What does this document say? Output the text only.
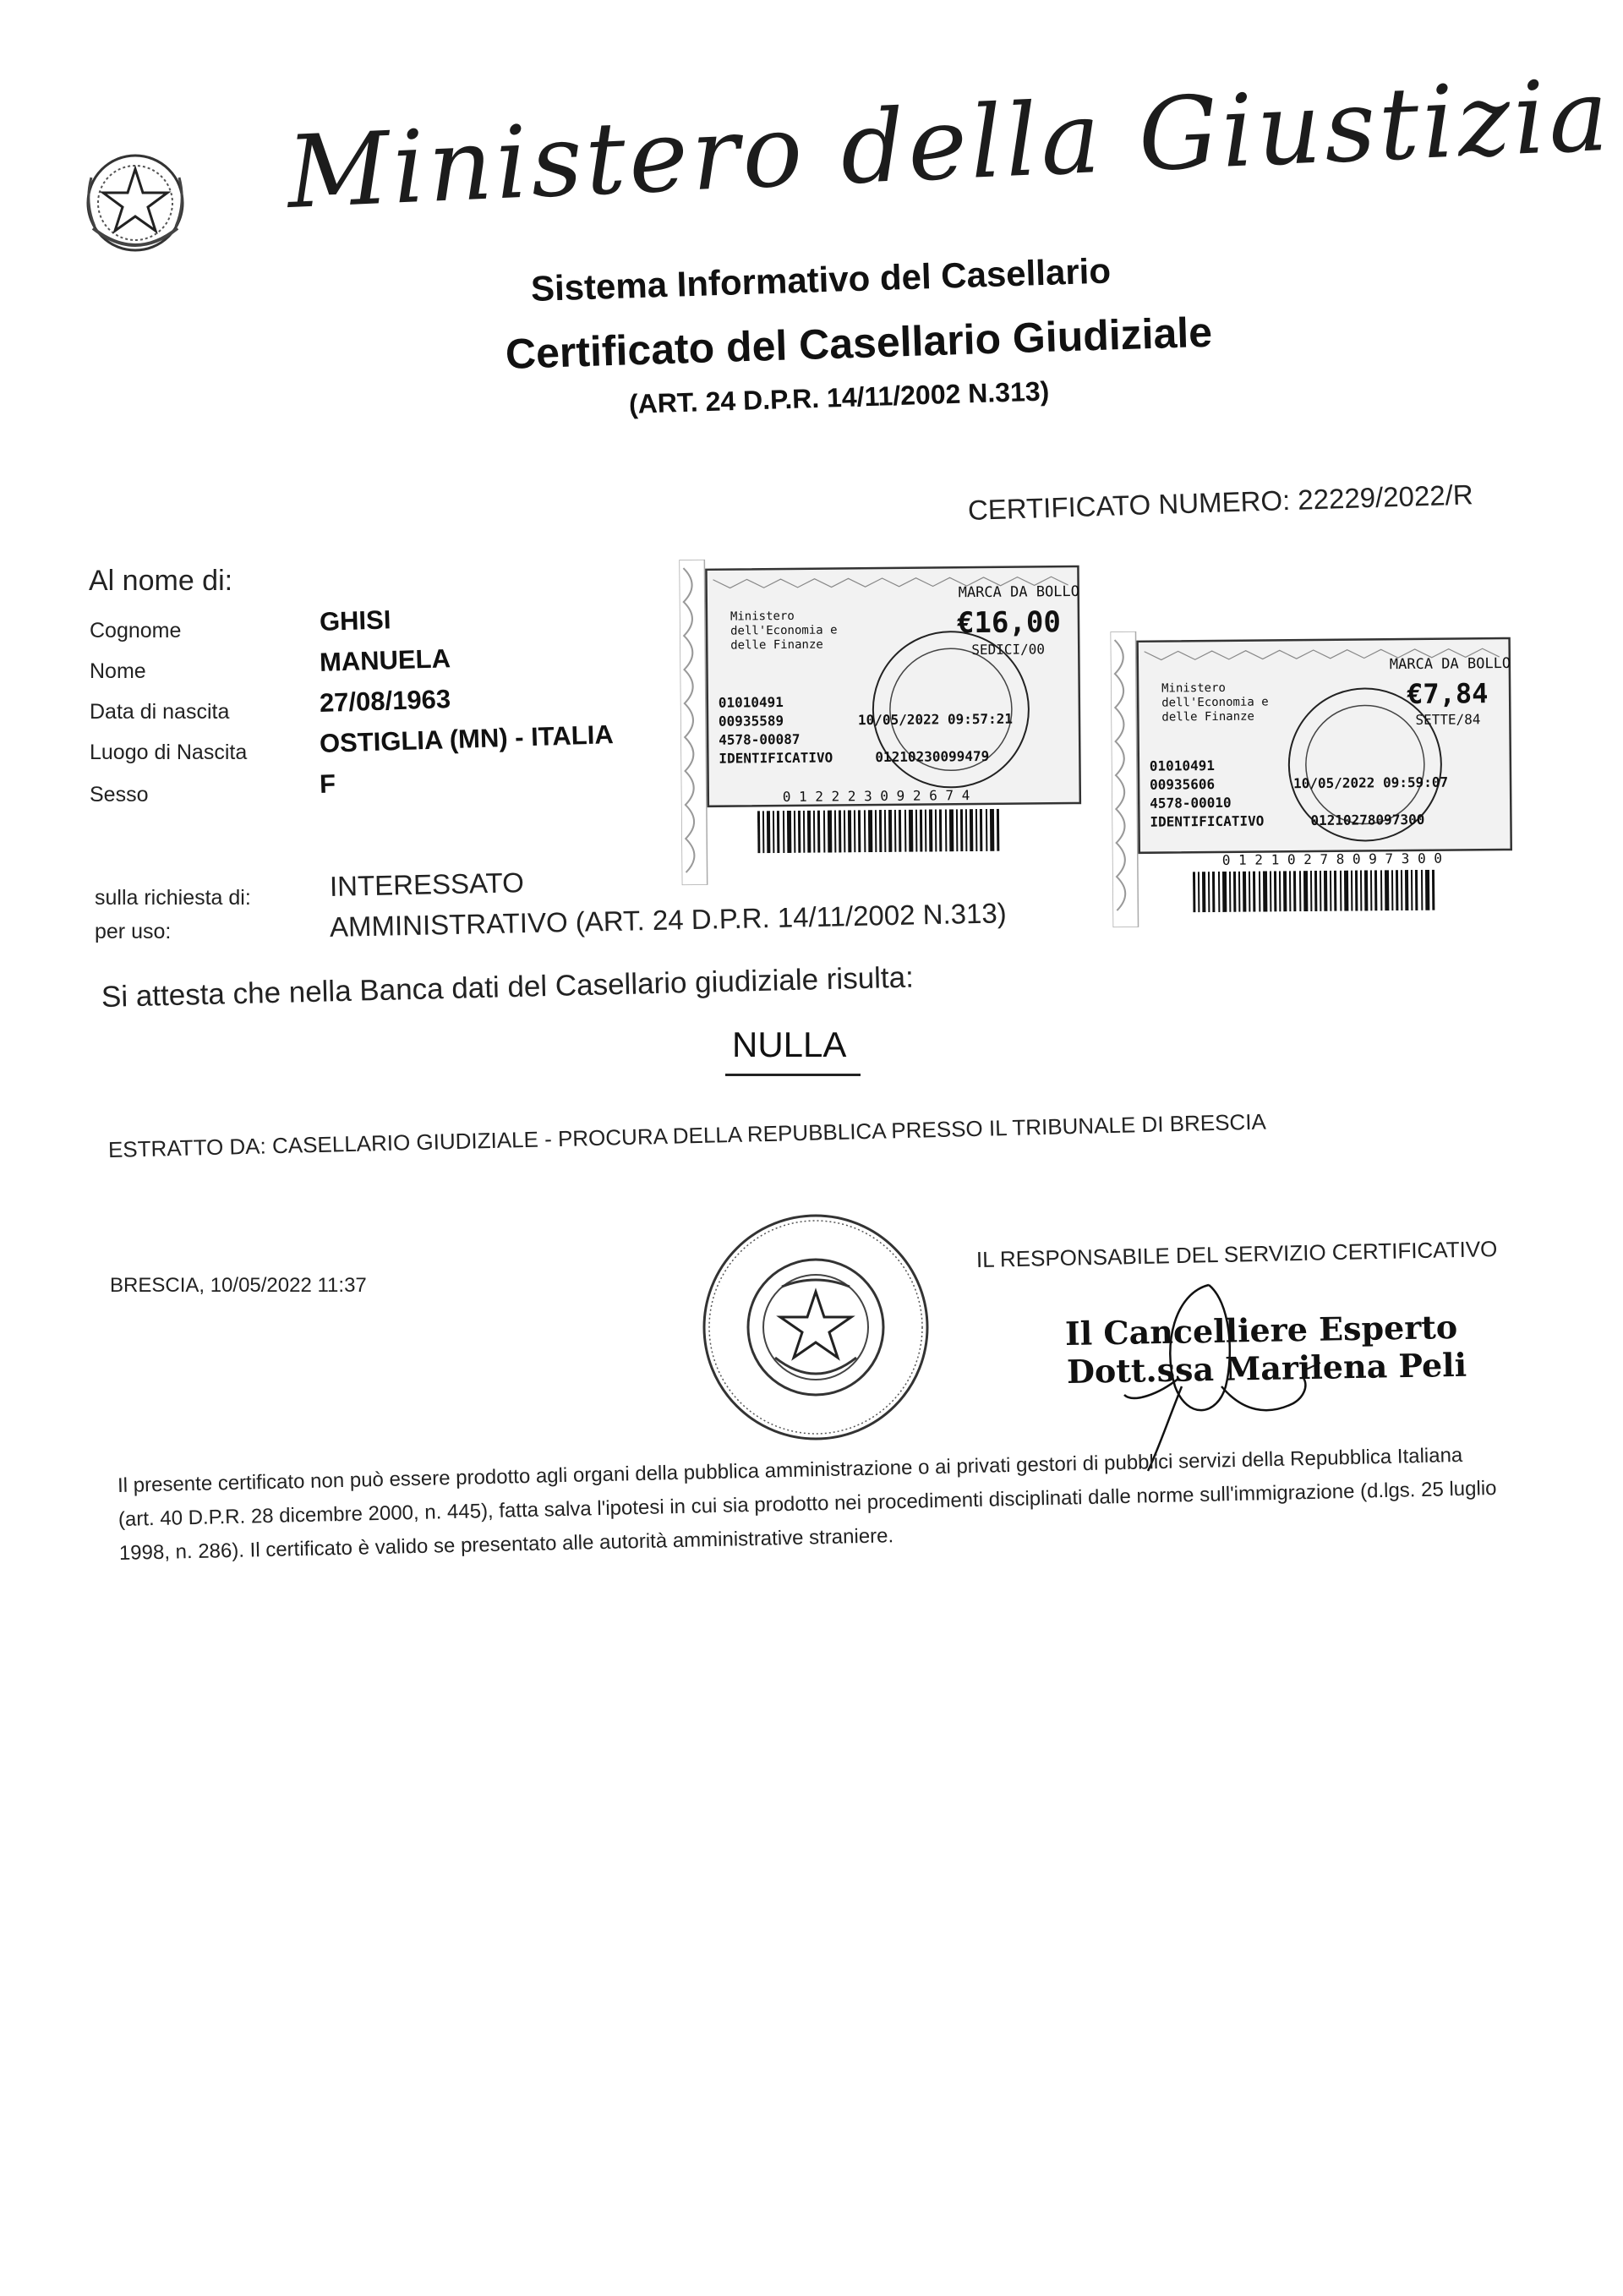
Ministero della Giustizia
Sistema Informativo del Casellario
Certificato del Casellario Giudiziale
(ART. 24 D.P.R. 14/11/2002 N.313)
CERTIFICATO NUMERO: 22229/2022/R
Al nome di:
Cognome	GHISI
Nome	MANUELA
Data di nascita	27/08/1963
Luogo di Nascita	OSTIGLIA (MN) - ITALIA
Sesso	F
sulla richiesta di:	INTERESSATO
per uso:	AMMINISTRATIVO (ART. 24 D.P.R. 14/11/2002 N.313)
Si attesta che nella Banca dati del Casellario giudiziale risulta:
NULLA
ESTRATTO DA: CASELLARIO GIUDIZIALE - PROCURA DELLA REPUBBLICA PRESSO IL TRIBUNALE DI BRESCIA
BRESCIA, 10/05/2022 11:37
IL RESPONSABILE DEL SERVIZIO CERTIFICATIVO
Il Cancelliere Esperto
Dott.ssa Marilena Peli
Il presente certificato non può essere prodotto agli organi della pubblica amministrazione o ai privati gestori di pubblici servizi della Repubblica Italiana (art. 40 D.P.R. 28 dicembre 2000, n. 445), fatta salva l'ipotesi in cui sia prodotto nei procedimenti disciplinati dalle norme sull'immigrazione (d.lgs. 25 luglio 1998, n. 286). Il certificato è valido se presentato alle autorità amministrative straniere.
MARCA DA BOLLO
Ministero dell'Economia e delle Finanze
€16,00
SEDICI/00
01010491
00935589
4578-00087
IDENTIFICATIVO
10/05/2022 09:57:21
01210230099479
0 1 2 2 2 3 0 9 2 6 7 4
MARCA DA BOLLO
Ministero dell'Economia e delle Finanze
€7,84
SETTE/84
01010491
00935606
4578-00010
IDENTIFICATIVO
10/05/2022 09:59:07
01210278097300
0 1 2 1 0 2 7 8 0 9 7 3 0 0
